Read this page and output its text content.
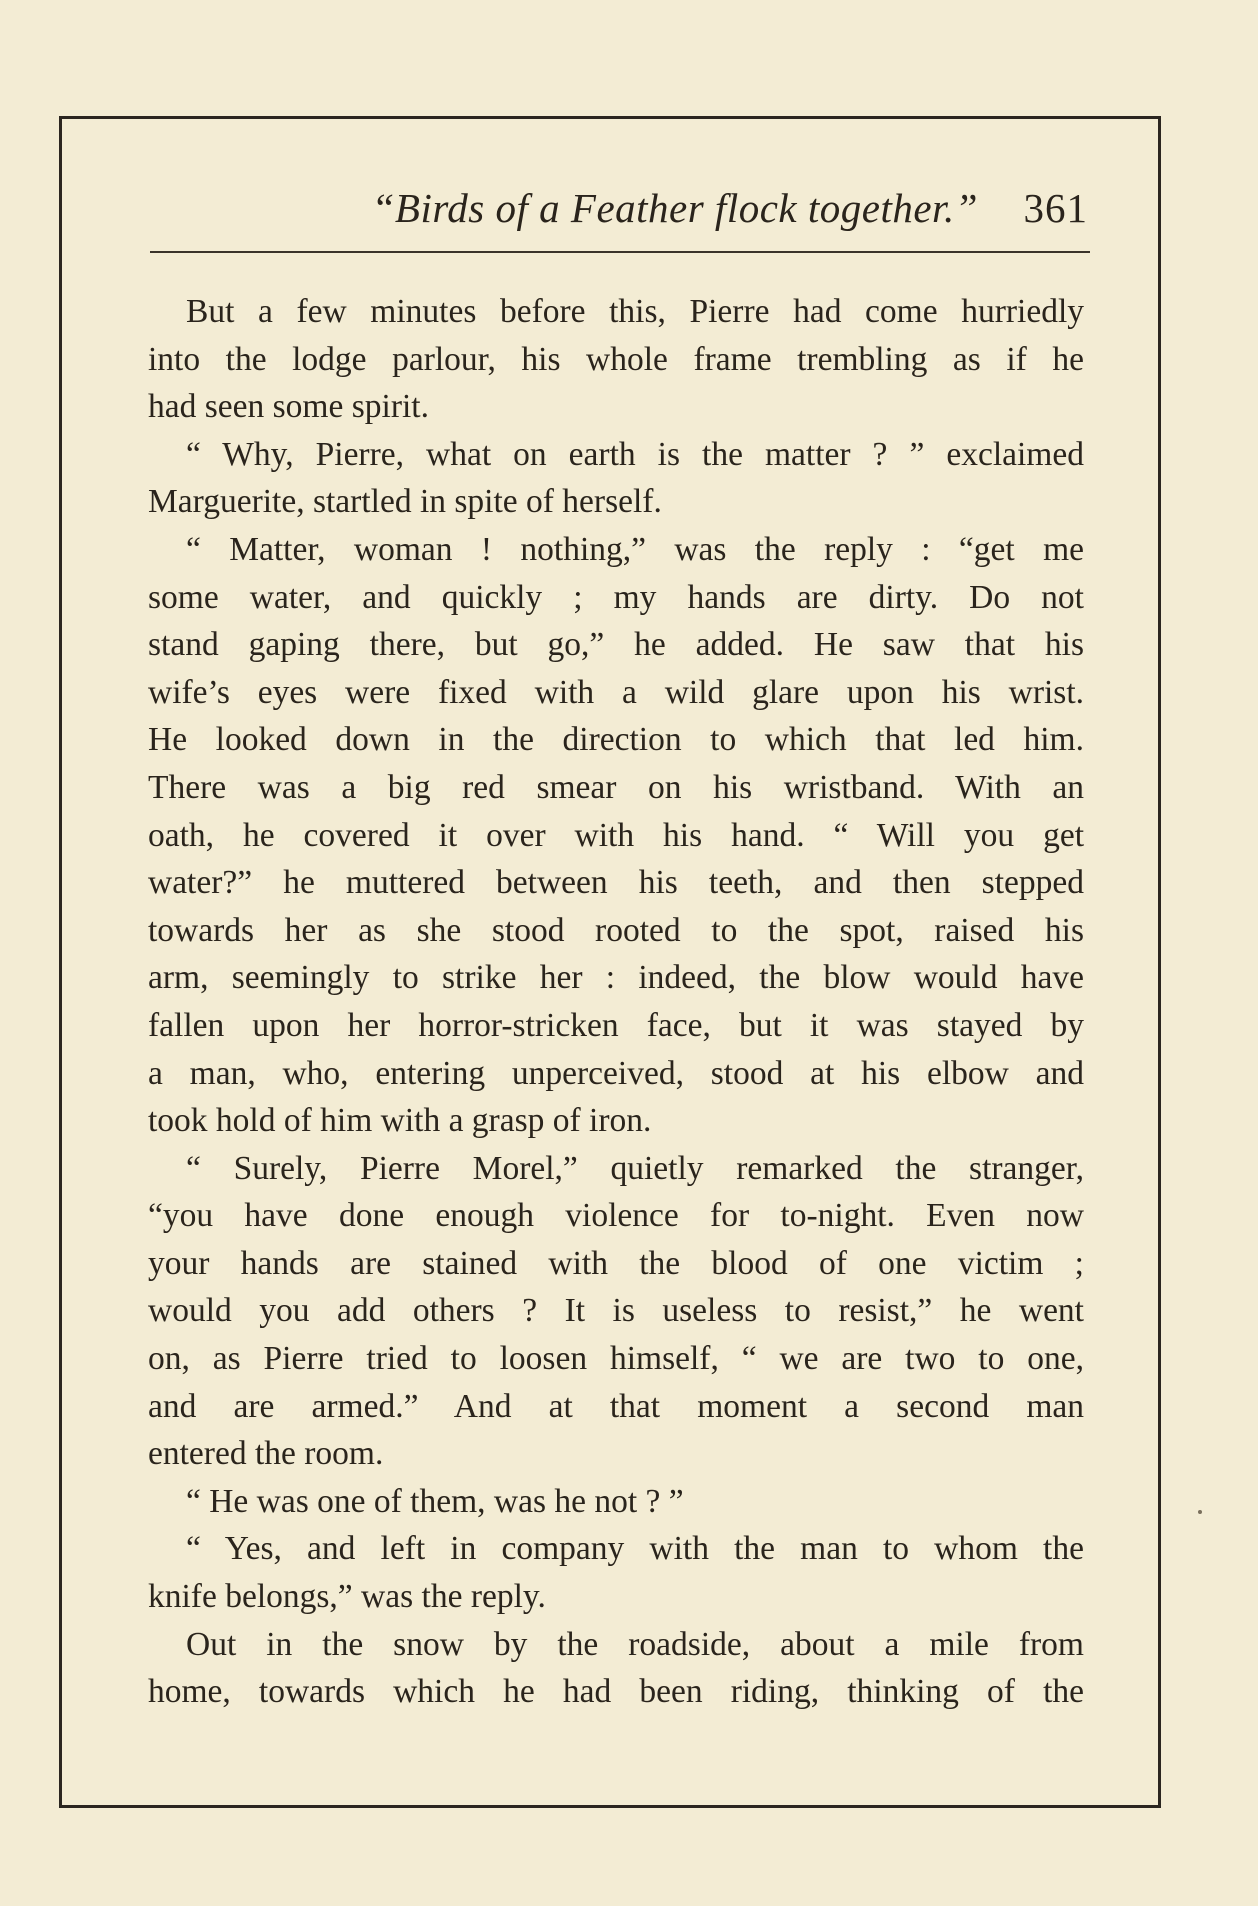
“Birds of a Feather flock together.” 361
But a few minutes before this, Pierre had come hurriedly
into the lodge parlour, his whole frame trembling as if he
had seen some spirit.
“ Why, Pierre, what on earth is the matter ? ” exclaimed
Marguerite, startled in spite of herself.
“ Matter, woman ! nothing,” was the reply : “get me
some water, and quickly ; my hands are dirty. Do not
stand gaping there, but go,” he added. He saw that his
wife’s eyes were fixed with a wild glare upon his wrist.
He looked down in the direction to which that led him.
There was a big red smear on his wristband. With an
oath, he covered it over with his hand. “ Will you get
water?” he muttered between his teeth, and then stepped
towards her as she stood rooted to the spot, raised his
arm, seemingly to strike her : indeed, the blow would have
fallen upon her horror-stricken face, but it was stayed by
a man, who, entering unperceived, stood at his elbow and
took hold of him with a grasp of iron.
“ Surely, Pierre Morel,” quietly remarked the stranger,
“you have done enough violence for to-night. Even now
your hands are stained with the blood of one victim ;
would you add others ? It is useless to resist,” he went
on, as Pierre tried to loosen himself, “ we are two to one,
and are armed.” And at that moment a second man
entered the room.
“ He was one of them, was he not ? ”
“ Yes, and left in company with the man to whom the
knife belongs,” was the reply.
Out in the snow by the roadside, about a mile from
home, towards which he had been riding, thinking of the
